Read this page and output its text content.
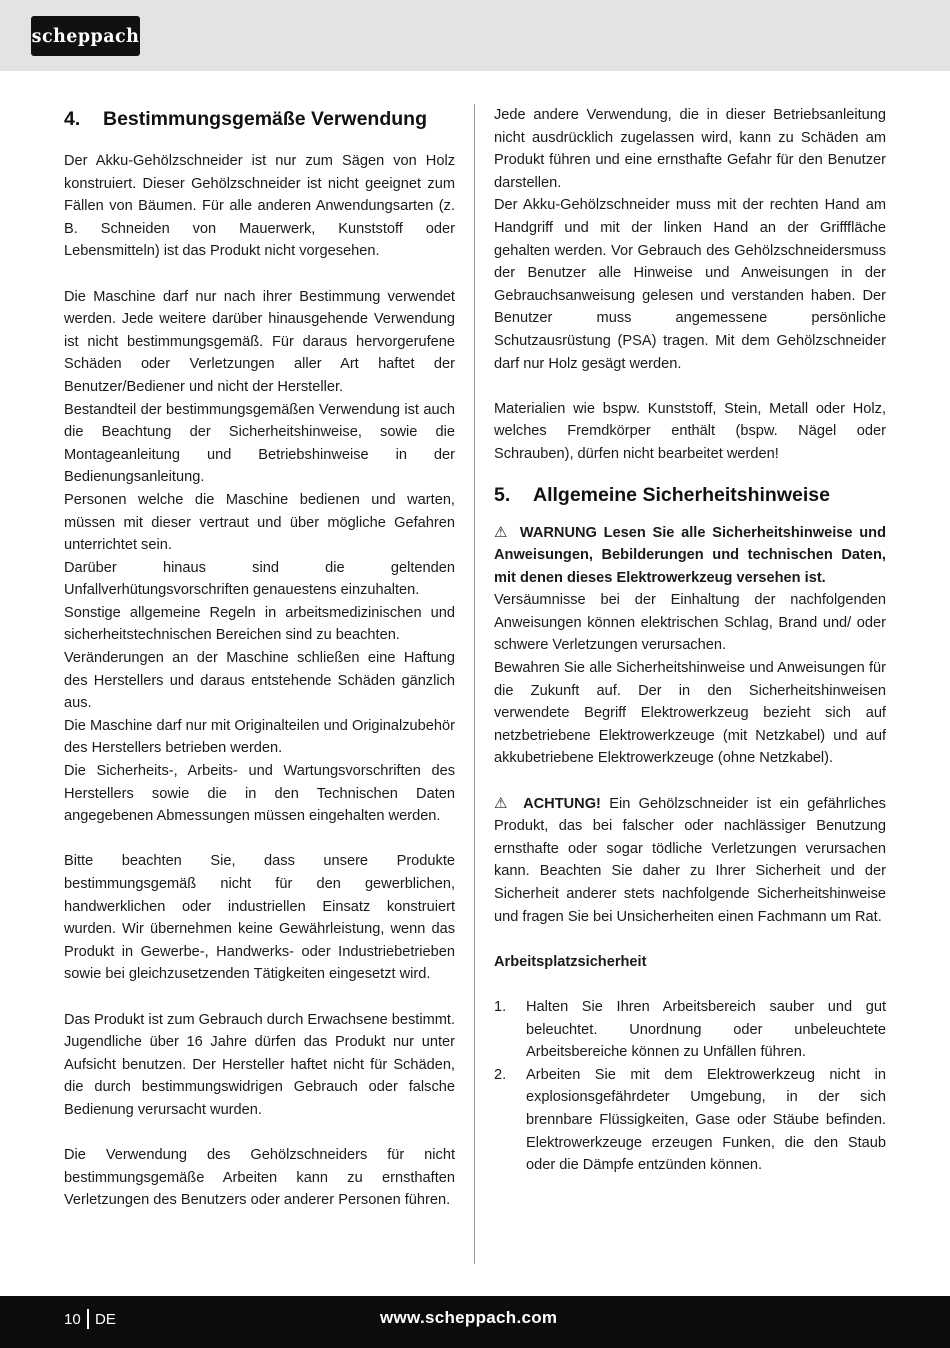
scheppach
4.	Bestimmungsgemäße Verwendung

Der Akku-Gehölzschneider ist nur zum Sägen von Holz konstruiert. Dieser Gehölzschneider ist nicht geeignet zum Fällen von Bäumen. Für alle anderen Anwendungsarten (z. B. Schneiden von Mauerwerk, Kunststoff oder Lebensmitteln) ist das Produkt nicht vorgesehen.

Die Maschine darf nur nach ihrer Bestimmung verwendet werden. Jede weitere darüber hinausgehende Verwendung ist nicht bestimmungsgemäß. Für daraus hervorgerufene Schäden oder Verletzungen aller Art haftet der Benutzer/Bediener und nicht der Hersteller.

Bestandteil der bestimmungsgemäßen Verwendung ist auch die Beachtung der Sicherheitshinweise, sowie die Montageanleitung und Betriebshinweise in der Bedienungsanleitung.

Personen welche die Maschine bedienen und warten, müssen mit dieser vertraut und über mögliche Gefahren unterrichtet sein.

Darüber hinaus sind die geltenden Unfallverhütungsvorschriften genauestens einzuhalten.

Sonstige allgemeine Regeln in arbeitsmedizinischen und sicherheitstechnischen Bereichen sind zu beachten.

Veränderungen an der Maschine schließen eine Haftung des Herstellers und daraus entstehende Schäden gänzlich aus.

Die Maschine darf nur mit Originalteilen und Originalzubehör des Herstellers betrieben werden.

Die Sicherheits-, Arbeits- und Wartungsvorschriften des Herstellers sowie die in den Technischen Daten angegebenen Abmessungen müssen eingehalten werden.

Bitte beachten Sie, dass unsere Produkte bestimmungsgemäß nicht für den gewerblichen, handwerklichen oder industriellen Einsatz konstruiert wurden. Wir übernehmen keine Gewährleistung, wenn das Produkt in Gewerbe-, Handwerks- oder Industriebetrieben sowie bei gleichzusetzenden Tätigkeiten eingesetzt wird.

Das Produkt ist zum Gebrauch durch Erwachsene bestimmt. Jugendliche über 16 Jahre dürfen das Produkt nur unter Aufsicht benutzen. Der Hersteller haftet nicht für Schäden, die durch bestimmungswidrigen Gebrauch oder falsche Bedienung verursacht wurden.

Die Verwendung des Gehölzschneiders für nicht bestimmungsgemäße Arbeiten kann zu ernsthaften Verletzungen des Benutzers oder anderer Personen führen.

Jede andere Verwendung, die in dieser Betriebsanleitung nicht ausdrücklich zugelassen wird, kann zu Schäden am Produkt führen und eine ernsthafte Gefahr für den Benutzer darstellen.

Der Akku-Gehölzschneider muss mit der rechten Hand am Handgriff und mit der linken Hand an der Grifffläche gehalten werden. Vor Gebrauch des Gehölzschneidersmuss der Benutzer alle Hinweise und Anweisungen in der Gebrauchsanweisung gelesen und verstanden haben. Der Benutzer muss angemessene persönliche Schutzausrüstung (PSA) tragen. Mit dem Gehölzschneider darf nur Holz gesägt werden.

Materialien wie bspw. Kunststoff, Stein, Metall oder Holz, welches Fremdkörper enthält (bspw. Nägel oder Schrauben), dürfen nicht bearbeitet werden!

5.	Allgemeine Sicherheitshinweise

⚠ WARNUNG Lesen Sie alle Sicherheitshinweise und Anweisungen, Bebilderungen und technischen Daten, mit denen dieses Elektrowerkzeug versehen ist.

Versäumnisse bei der Einhaltung der nachfolgenden Anweisungen können elektrischen Schlag, Brand und/ oder schwere Verletzungen verursachen.

Bewahren Sie alle Sicherheitshinweise und Anweisungen für die Zukunft auf. Der in den Sicherheitshinweisen verwendete Begriff Elektrowerkzeug bezieht sich auf netzbetriebene Elektrowerkzeuge (mit Netzkabel) und auf akkubetriebene Elektrowerkzeuge (ohne Netzkabel).

⚠ ACHTUNG! Ein Gehölzschneider ist ein gefährliches Produkt, das bei falscher oder nachlässiger Benutzung ernsthafte oder sogar tödliche Verletzungen verursachen kann. Beachten Sie daher zu Ihrer Sicherheit und der Sicherheit anderer stets nachfolgende Sicherheitshinweise und fragen Sie bei Unsicherheiten einen Fachmann um Rat.

Arbeitsplatzsicherheit
1.	Halten Sie Ihren Arbeitsbereich sauber und gut beleuchtet. Unordnung oder unbeleuchtete Arbeitsbereiche können zu Unfällen führen.
2.	Arbeiten Sie mit dem Elektrowerkzeug nicht in explosionsgefährdeter Umgebung, in der sich brennbare Flüssigkeiten, Gase oder Stäube befinden. Elektrowerkzeuge erzeugen Funken, die den Staub oder die Dämpfe entzünden können.
10 DE	www.scheppach.com
